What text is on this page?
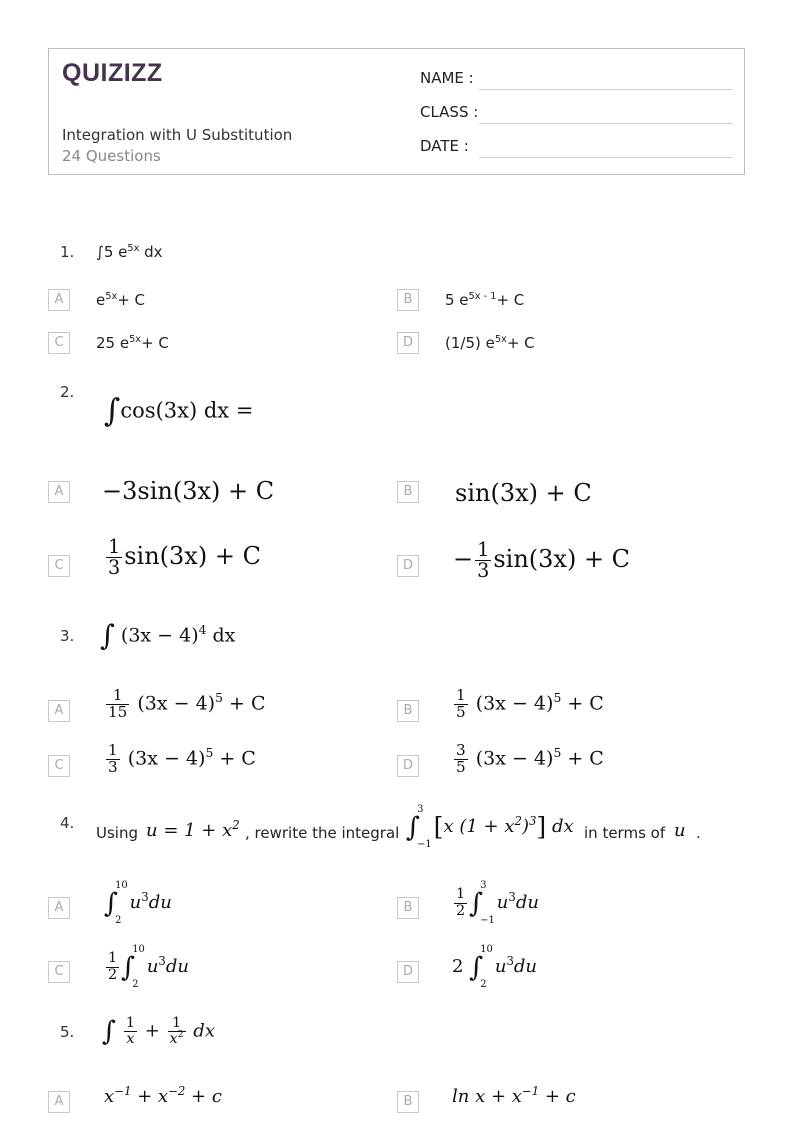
QUIZIZZ
Integration with U Substitution
24 Questions
NAME :
CLASS :
DATE :
1. ∫5 $e^{5x}$ dx
A	$e^{5x}+ C$	B	5 $e^{5x - 1}+ C$
C	25 $e^{5x}+ C$	D	(1/5) $e^{5x}+ C$
2.
∫cos(3x) dx =
A −3sin(3x) + C	B sin(3x) + C
C	$\frac{1}{3} \sin(3x) + C$	$D - \frac{1}{3} \sin(3x) + C$
3. ∫ $(3x - 4)^4$ dx
A	$\frac{1}{15} (3x - 4)^5 + C$	B	$\frac{1}{5} (3x - 4)^5 + C$
C	$\frac{1}{3} (3x - 4)^5 + C$	D	$\frac{3}{5} (3x - 4)^5 + C$
4.
Using $u = 1 + x^2$ , rewrite the integral ∫
3
−1
[x $(1 + x^2)^3$] dx in terms of u .
A ∫
10
2
$u^3du$	B	$\frac{1}{2}$ ∫
3
−1
$u^3du$
C	$\frac{1}{2}$ ∫
10
2
$u^3du$	D	2 ∫
10
2
$u^3du$
5. ∫ $\frac{1}{x} + \frac{1}{x^2}$ dx
A	$x^{-1} + x^{-2} + c$	B	$\ln x + x^{-1} + c$
